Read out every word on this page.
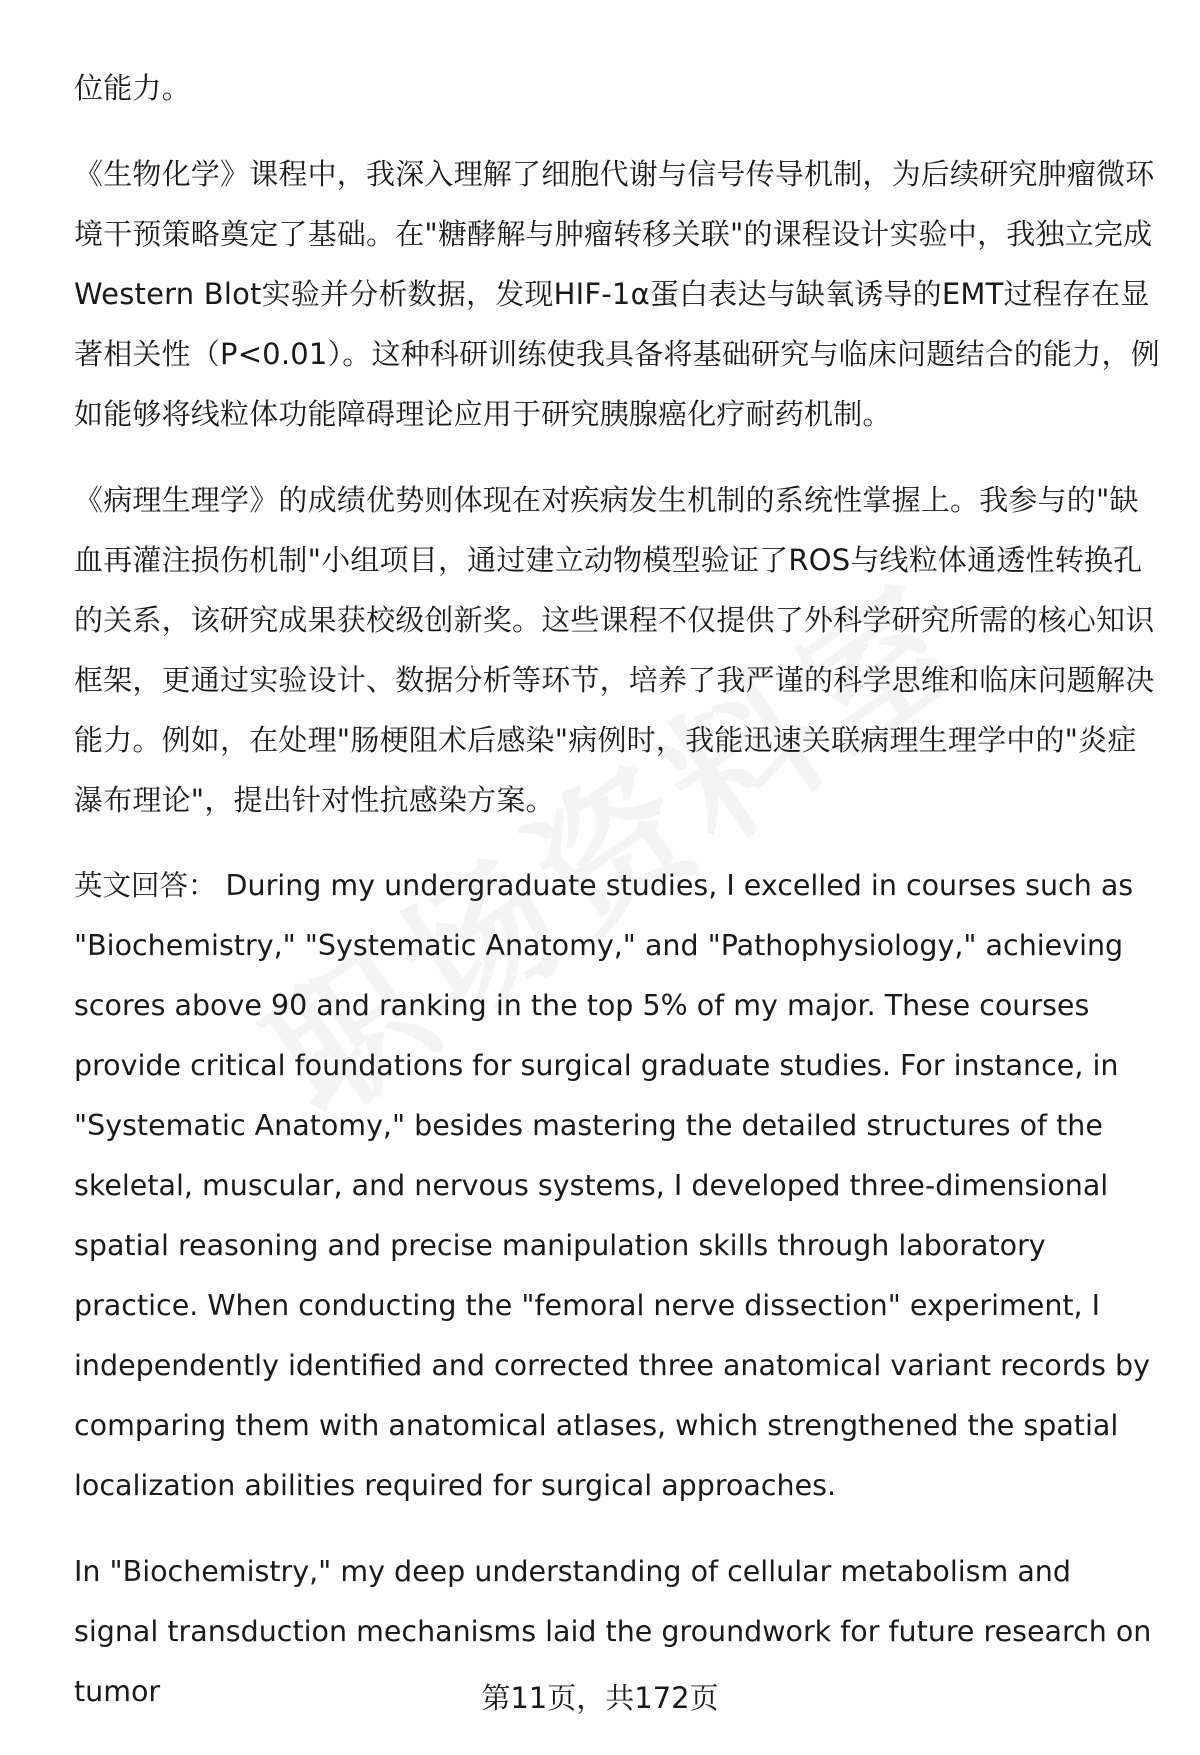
位能力。

《生物化学》课程中，我深入理解了细胞代谢与信号传导机制，为后续研究肿瘤微环境干预策略奠定了基础。在"糖酵解与肿瘤转移关联"的课程设计实验中，我独立完成Western Blot实验并分析数据，发现HIF-1α蛋白表达与缺氧诱导的EMT过程存在显著相关性（P<0.01）。这种科研训练使我具备将基础研究与临床问题结合的能力，例如能够将线粒体功能障碍理论应用于研究胰腺癌化疗耐药机制。

《病理生理学》的成绩优势则体现在对疾病发生机制的系统性掌握上。我参与的"缺血再灌注损伤机制"小组项目，通过建立动物模型验证了ROS与线粒体通透性转换孔的关系，该研究成果获校级创新奖。这些课程不仅提供了外科学研究所需的核心知识框架，更通过实验设计、数据分析等环节，培养了我严谨的科学思维和临床问题解决能力。例如，在处理"肠梗阻术后感染"病例时，我能迅速关联病理生理学中的"炎症瀑布理论"，提出针对性抗感染方案。

英文回答： During my undergraduate studies, I excelled in courses such as "Biochemistry," "Systematic Anatomy," and "Pathophysiology," achieving scores above 90 and ranking in the top 5% of my major. These courses provide critical foundations for surgical graduate studies. For instance, in "Systematic Anatomy," besides mastering the detailed structures of the skeletal, muscular, and nervous systems, I developed three-dimensional spatial reasoning and precise manipulation skills through laboratory practice. When conducting the "femoral nerve dissection" experiment, I independently identified and corrected three anatomical variant records by comparing them with anatomical atlases, which strengthened the spatial localization abilities required for surgical approaches.

In "Biochemistry," my deep understanding of cellular metabolism and signal transduction mechanisms laid the groundwork for future research on tumor	第11页，共172页
